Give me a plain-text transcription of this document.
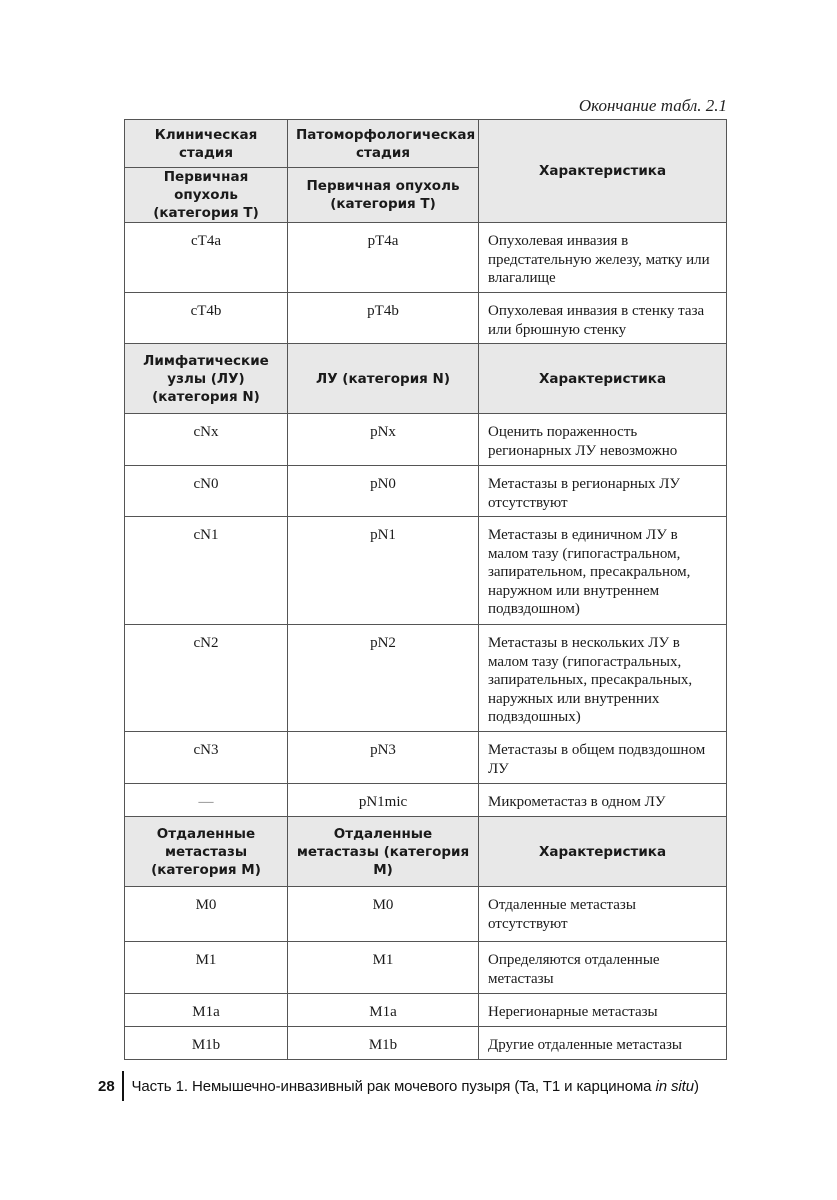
Окончание табл. 2.1
Клиническая стадия	Патоморфологическая стадия	Характеристика
Первичная опухоль (категория Т)	Первичная опухоль (категория Т)	
cT4a	pT4a	Опухолевая инвазия в предстательную железу, матку или влагалище
cT4b	pT4b	Опухолевая инвазия в стенку таза или брюшную стенку
Лимфатические узлы (ЛУ) (категория N)	ЛУ (категория N)	Характеристика
cNx	pNx	Оценить пораженность регионарных ЛУ невозможно
cN0	pN0	Метастазы в регионарных ЛУ отсутствуют
cN1	pN1	Метастазы в единичном ЛУ в малом тазу (гипогастральном, запирательном, пресакральном, наружном или внутреннем подвздошном)
cN2	pN2	Метастазы в нескольких ЛУ в малом тазу (гипогастральных, запирательных, пресакральных, наружных или внутренних подвздошных)
cN3	pN3	Метастазы в общем подвздошном ЛУ
—	pN1mic	Микрометастаз в одном ЛУ
Отдаленные метастазы (категория M)	Отдаленные метастазы (категория M)	Характеристика
M0	M0	Отдаленные метастазы отсутствуют
M1	M1	Определяются отдаленные метастазы
M1a	M1a	Нерегионарные метастазы
M1b	M1b	Другие отдаленные метастазы
28 Часть 1. Немышечно-инвазивный рак мочевого пузыря (Ta, T1 и карцинома in situ)
